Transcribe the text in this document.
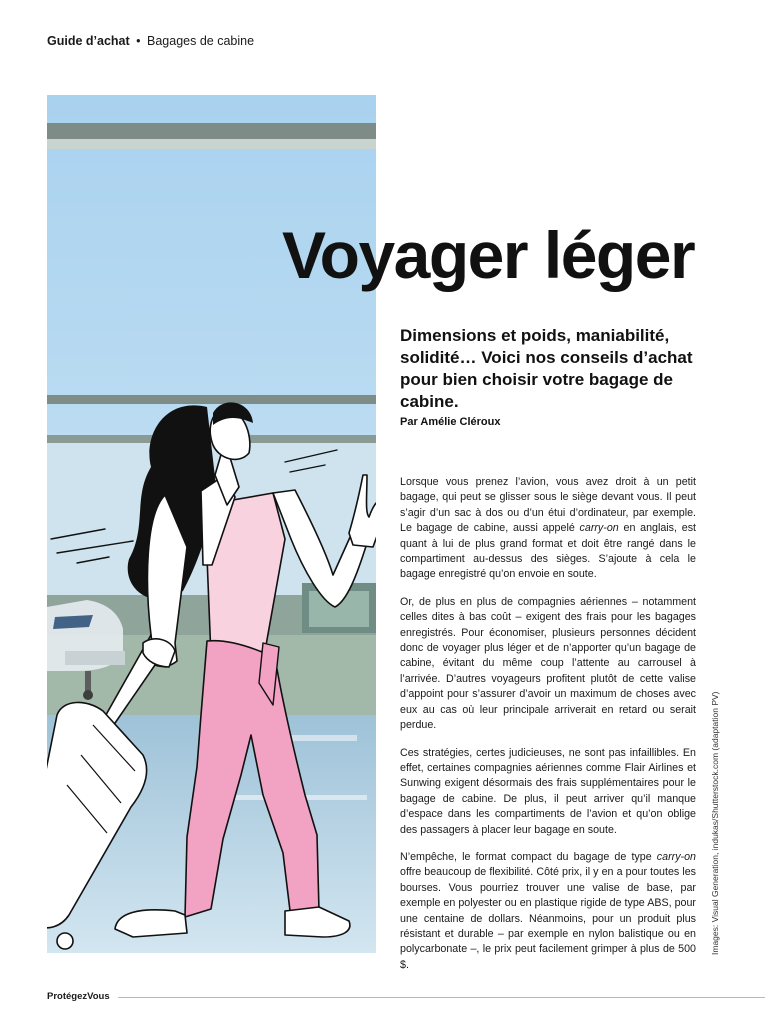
Guide d’achat • Bagages de cabine
Voyager léger

Dimensions et poids, maniabilité, solidité… Voici nos conseils d’achat pour bien choisir votre bagage de cabine.

Par Amélie Cléroux

Lorsque vous prenez l’avion, vous avez droit à un petit bagage, qui peut se glisser sous le siège devant vous. Il peut s’agir d’un sac à dos ou d’un étui d’ordinateur, par exemple. Le bagage de cabine, aussi appelé carry-on en anglais, est quant à lui de plus grand format et doit être rangé dans le compartiment au-dessus des sièges. S’ajoute à cela le bagage enregistré qu’on envoie en soute.

Or, de plus en plus de compagnies aériennes – notamment celles dites à bas coût – exigent des frais pour les bagages enregistrés. Pour économiser, plusieurs personnes décident donc de voyager plus léger et de n’apporter qu’un bagage de cabine, évitant du même coup l’attente au carrousel à l’arrivée. D’autres voyageurs profitent plutôt de cette valise d’appoint pour s’assurer d’avoir un maximum de choses avec eux au cas où leur principale arriverait en retard ou serait perdue.

Ces stratégies, certes judicieuses, ne sont pas infaillibles. En effet, certaines compagnies aériennes comme Flair Airlines et Sunwing exigent désormais des frais supplémentaires pour le bagage de cabine. De plus, il peut arriver qu’il manque d’espace dans les compartiments de l’avion et qu’on oblige des passagers à placer leur bagage en soute.

N’empêche, le format compact du bagage de type carry-on offre beaucoup de flexibilité. Côté prix, il y en a pour toutes les bourses. Vous pourriez trouver une valise de base, par exemple en polyester ou en plastique rigide de type ABS, pour une centaine de dollars. Néanmoins, pour un produit plus résistant et durable – par exemple en nylon balistique ou en polycarbonate –, le prix peut facilement grimper à plus de 500 $.

Images: Visual Generation, indukas/Shutterstock.com (adaptation PV)
ProtégezVous
